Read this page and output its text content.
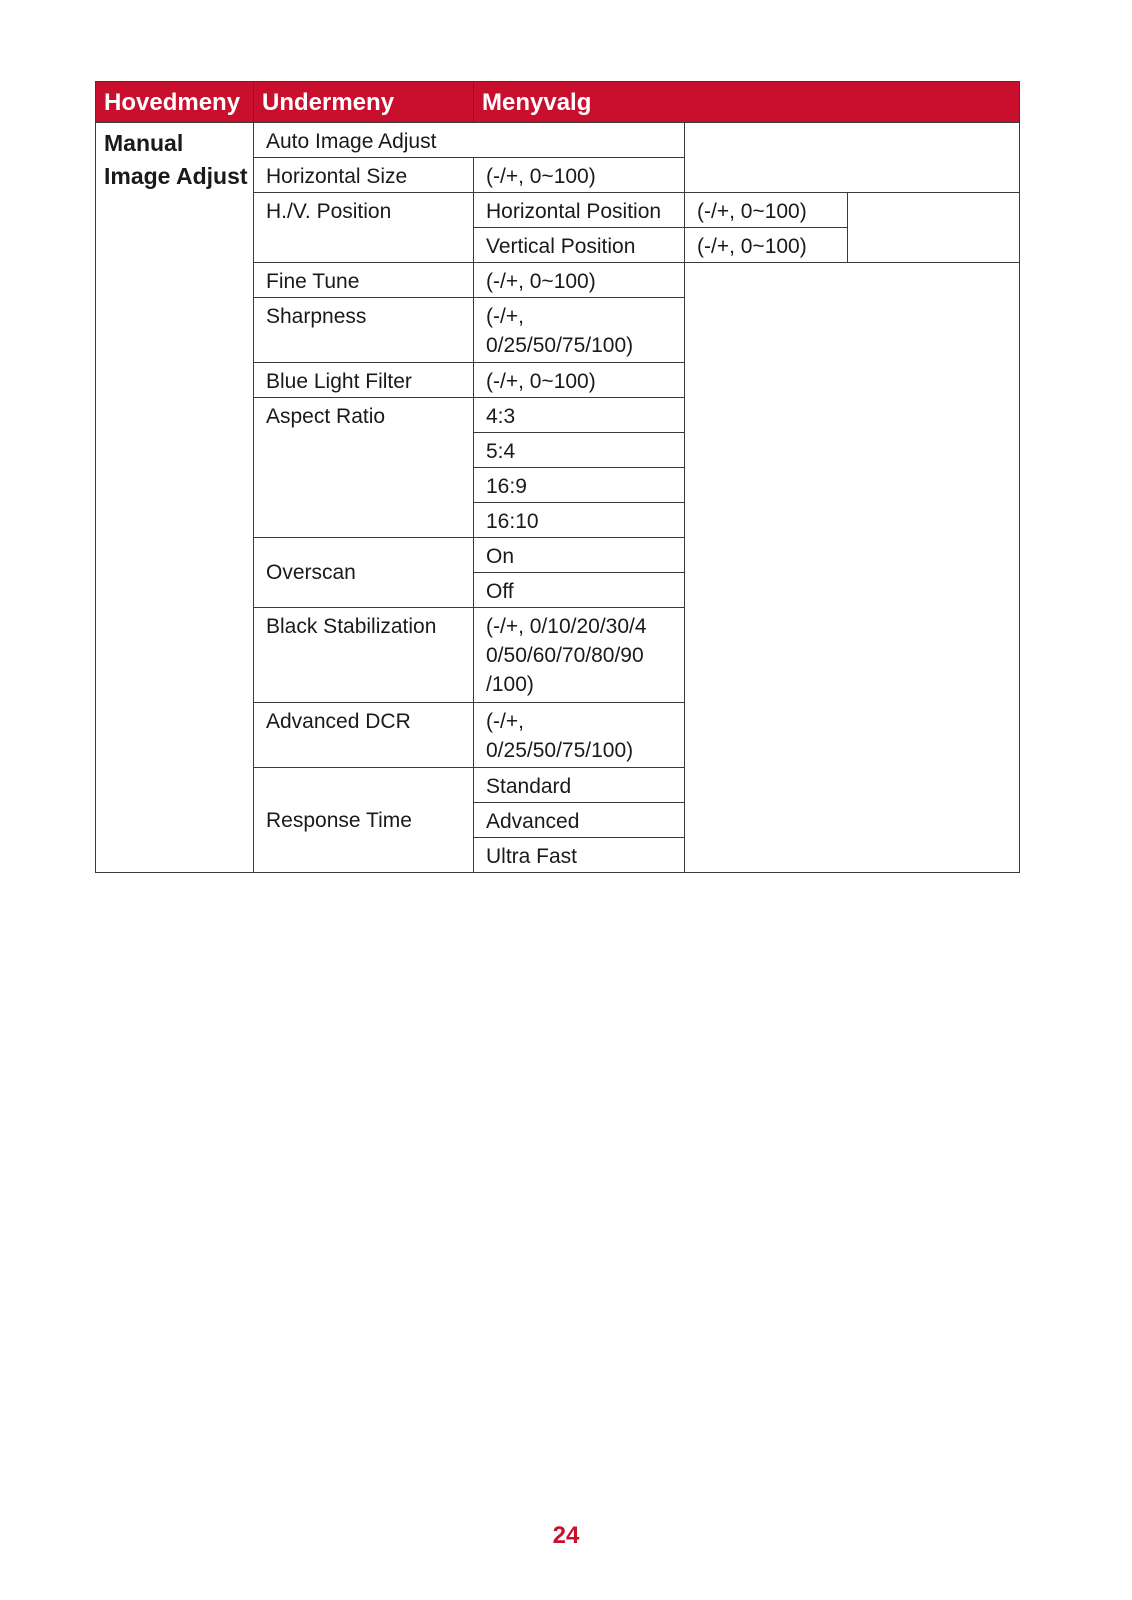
Hovedmeny	Undermeny	Menyvalg		

Manual
Image Adjust	Auto Image Adjust			
	Horizontal Size	(-/+, 0~100)		
	H./V. Position	Horizontal Position	(-/+, 0~100)	
		Vertical Position	(-/+, 0~100)	
	Fine Tune	(-/+, 0~100)		
	Sharpness	(-/+,
0/25/50/75/100)		

	Blue Light Filter	(-/+, 0~100)		
	Aspect Ratio	4:3		
		5:4		
		16:9		
		16:10		
	Overscan	On		
		Off		
	Black Stabilization	(-/+, 0/10/20/30/4
0/50/60/70/80/90
/100)		

	Advanced DCR	(-/+,
0/25/50/75/100)		

	Response Time	Standard		
		Advanced		
		Ultra Fast		
24
